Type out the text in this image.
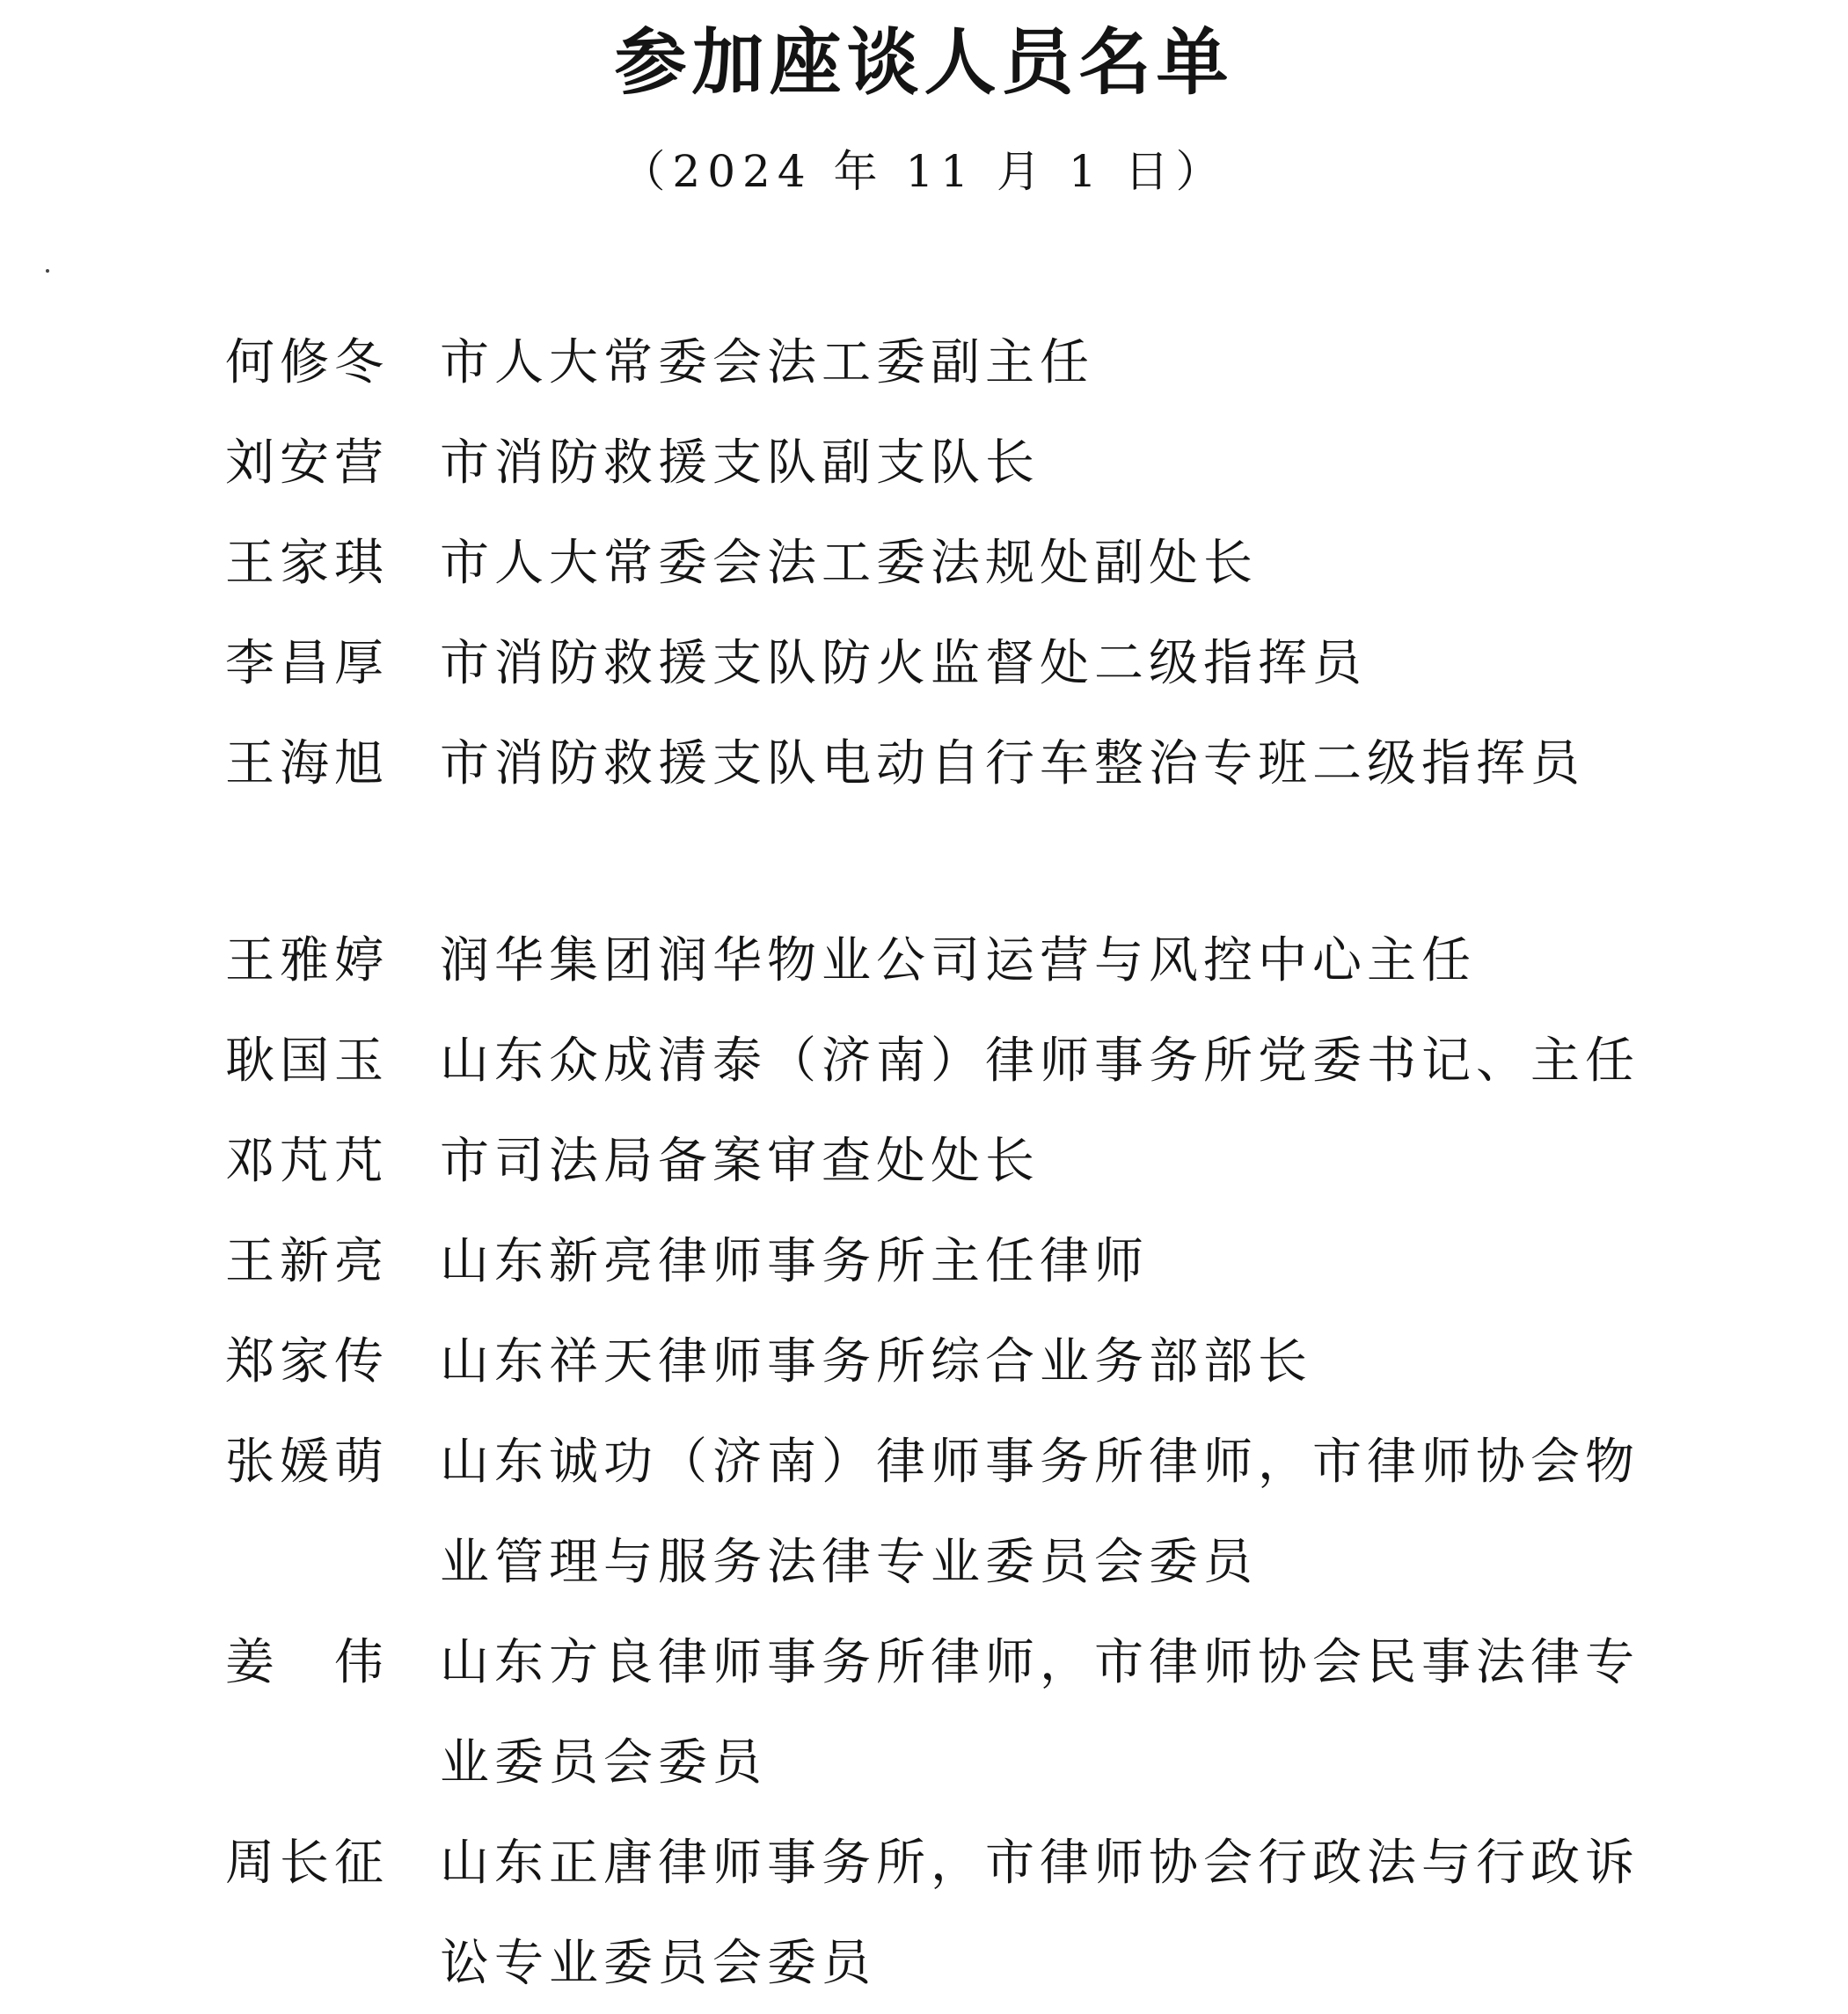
参加座谈人员名单
（2024 年 11 月 1 日）
何修冬 市人大常委会法工委副主任
刘安营 市消防救援支队副支队长
王家琪 市人大常委会法工委法规处副处长
李昌厚 市消防救援支队防火监督处二级指挥员
王海旭 市消防救援支队电动自行车整治专班二级指挥员
王雅婷 润华集团润华物业公司运营与风控中心主任
耿国玉 山东众成清泰（济南）律师事务所党委书记、主任
邓芃芃 市司法局备案审查处处长
王新亮 山东新亮律师事务所主任律师
郑家传 山东祥天律师事务所综合业务部部长
张媛萌 山东诚功（济南）律师事务所律师，市律师协会物业管理与服务法律专业委员会委员
姜伟 山东方良律师事务所律师，市律师协会民事法律专业委员会委员
周长征 山东正唐律师事务所，市律师协会行政法与行政诉讼专业委员会委员
